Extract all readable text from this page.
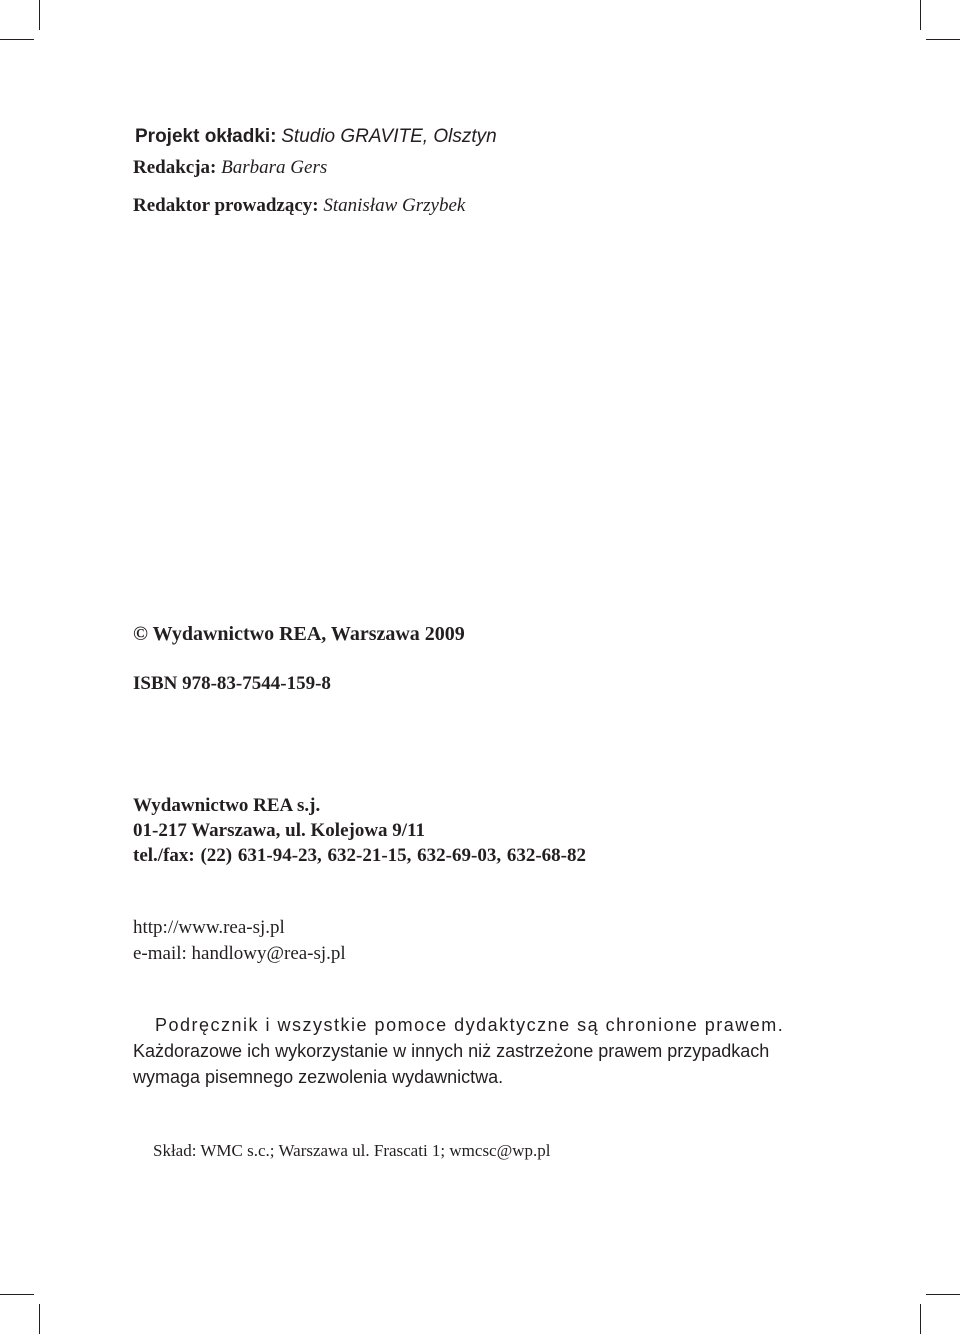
Projekt okładki: Studio GRAVITE, Olsztyn
Redakcja: Barbara Gers
Redaktor prowadzący: Stanisław Grzybek
© Wydawnictwo REA, Warszawa 2009
ISBN 978-83-7544-159-8
Wydawnictwo REA s.j.
01-217 Warszawa, ul. Kolejowa 9/11
tel./fax: (22) 631-94-23, 632-21-15, 632-69-03, 632-68-82
http://www.rea-sj.pl
e-mail: handlowy@rea-sj.pl

Podręcznik i wszystkie pomoce dydaktyczne są chronione prawem.

Każdorazowe ich wykorzystanie w innych niż zastrzeżone prawem przypadkach

wymaga pisemnego zezwolenia wydawnictwa.

Skład: WMC s.c.; Warszawa ul. Frascati 1; wmcsc@wp.pl
